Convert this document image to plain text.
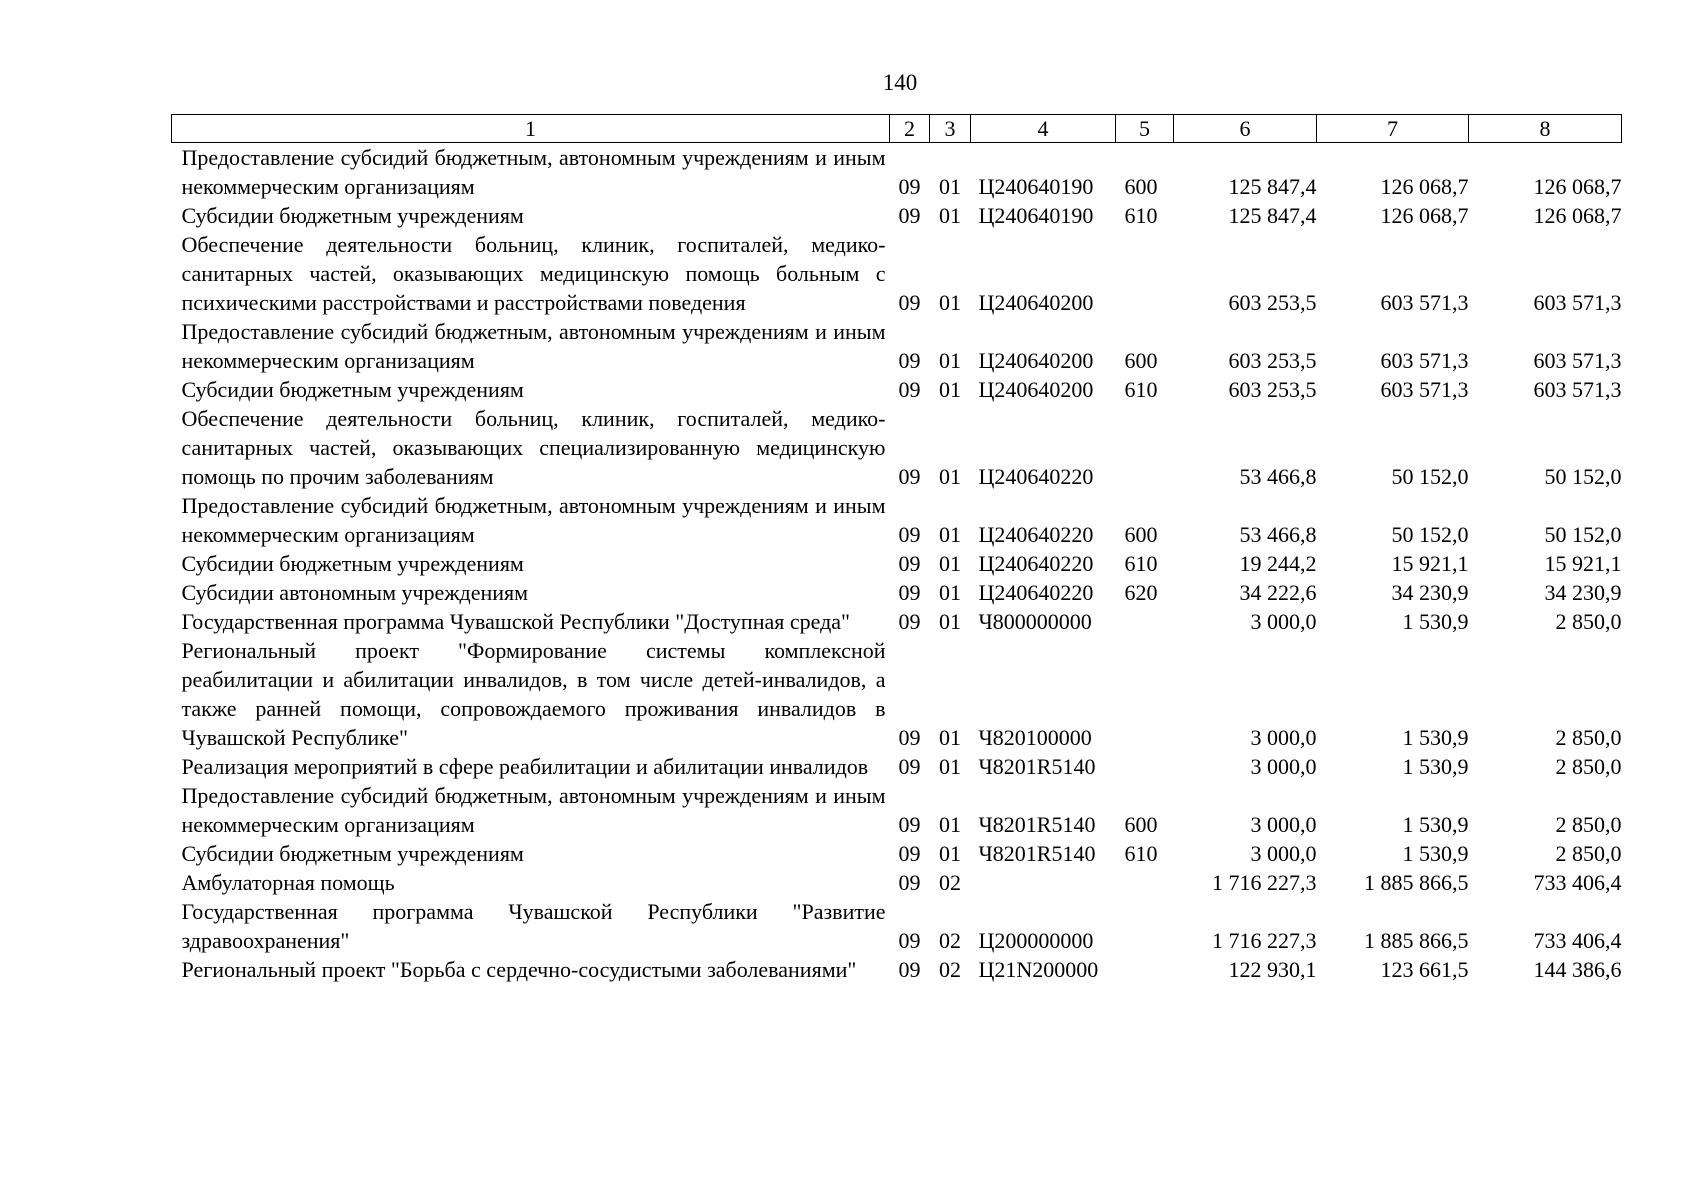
140
1	2	3	4	5	6	7	8
Предоставление субсидий бюджетным, автономным учреждениям и иным некоммерческим организациям	09	01	Ц240640190	600	125 847,4	126 068,7	126 068,7
Субсидии бюджетным учреждениям	09	01	Ц240640190	610	125 847,4	126 068,7	126 068,7
Обеспечение деятельности больниц, клиник, госпиталей, медико-санитарных частей, оказывающих медицинскую помощь больным с психическими расстройствами и расстройствами поведения	09	01	Ц240640200		603 253,5	603 571,3	603 571,3
Предоставление субсидий бюджетным, автономным учреждениям и иным некоммерческим организациям	09	01	Ц240640200	600	603 253,5	603 571,3	603 571,3
Субсидии бюджетным учреждениям	09	01	Ц240640200	610	603 253,5	603 571,3	603 571,3
Обеспечение деятельности больниц, клиник, госпиталей, медико-санитарных частей, оказывающих специализированную медицинскую помощь по прочим заболеваниям	09	01	Ц240640220		53 466,8	50 152,0	50 152,0
Предоставление субсидий бюджетным, автономным учреждениям и иным некоммерческим организациям	09	01	Ц240640220	600	53 466,8	50 152,0	50 152,0
Субсидии бюджетным учреждениям	09	01	Ц240640220	610	19 244,2	15 921,1	15 921,1
Субсидии автономным учреждениям	09	01	Ц240640220	620	34 222,6	34 230,9	34 230,9
Государственная программа Чувашской Республики "Доступная среда"	09	01	Ч800000000		3 000,0	1 530,9	2 850,0
Региональный проект "Формирование системы комплексной реабилитации и абилитации инвалидов, в том числе детей-инвалидов, а также ранней помощи, сопровождаемого проживания инвалидов в Чувашской Республике"	09	01	Ч820100000		3 000,0	1 530,9	2 850,0
Реализация мероприятий в сфере реабилитации и абилитации инвалидов	09	01	Ч8201R5140		3 000,0	1 530,9	2 850,0
Предоставление субсидий бюджетным, автономным учреждениям и иным некоммерческим организациям	09	01	Ч8201R5140	600	3 000,0	1 530,9	2 850,0
Субсидии бюджетным учреждениям	09	01	Ч8201R5140	610	3 000,0	1 530,9	2 850,0
Амбулаторная помощь	09	02			1 716 227,3	1 885 866,5	733 406,4
Государственная программа Чувашской Республики "Развитие здравоохранения"	09	02	Ц200000000		1 716 227,3	1 885 866,5	733 406,4
Региональный проект "Борьба с сердечно-сосудистыми заболеваниями"	09	02	Ц21N200000		122 930,1	123 661,5	144 386,6
